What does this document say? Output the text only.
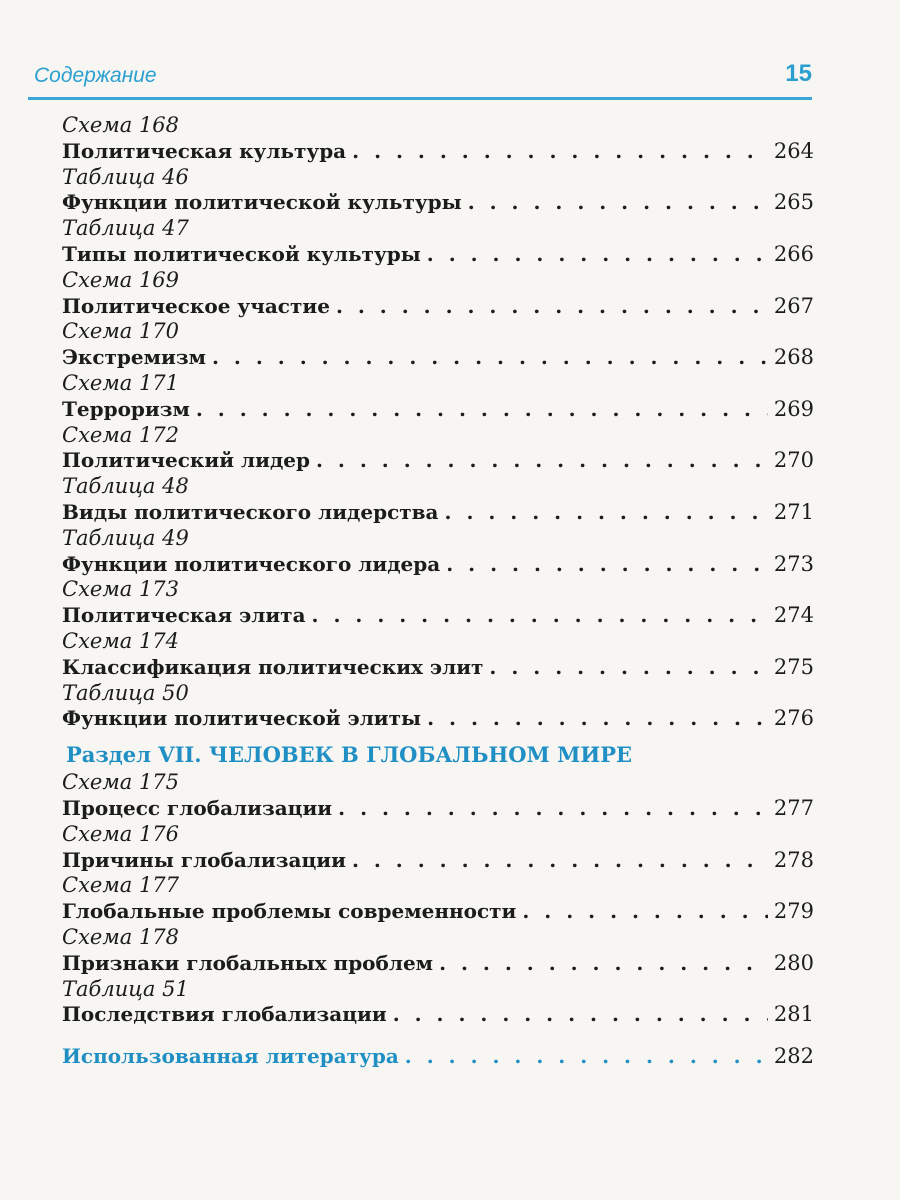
Содержание	15
Схема 168
Политическая культура . . .	264
Таблица 46
Функции политической культуры . . .	265
Таблица 47
Типы политической культуры . . .	266
Схема 169
Политическое участие . . .	267
Схема 170
Экстремизм . . .	268
Схема 171
Терроризм . . .	269
Схема 172
Политический лидер . . .	270
Таблица 48
Виды политического лидерства . . .	271
Таблица 49
Функции политического лидера . . .	273
Схема 173
Политическая элита . . .	274
Схема 174
Классификация политических элит . . .	275
Таблица 50
Функции политической элиты . . .	276
Раздел VII. ЧЕЛОВЕК В ГЛОБАЛЬНОМ МИРЕ
Схема 175
Процесс глобализации . . .	277
Схема 176
Причины глобализации . . .	278
Схема 177
Глобальные проблемы современности . . .	279
Схема 178
Признаки глобальных проблем . . .	280
Таблица 51
Последствия глобализации . . .	281
Использованная литература . . .	282
